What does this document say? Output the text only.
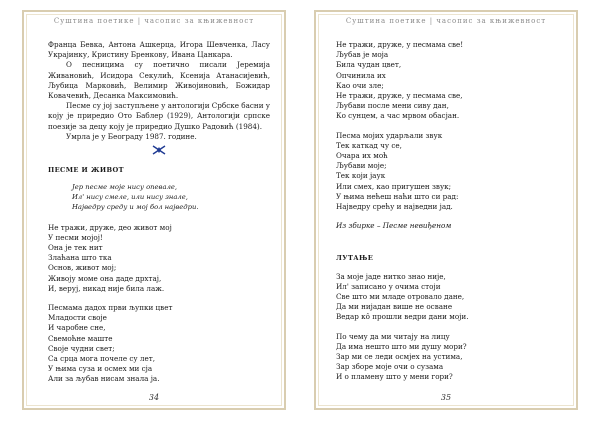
Суштина поетике | часопис за књижевност

Франца Бевка, Антона Ашкерца, Игора Шевченка, Ласу Украјинку, Кристину Бренкову, Ивана Цанкара.

О песницима су поетично писали Јеремија Живановић, Исидора Секулић, Ксенија Атанасијевић, Љубица Марковић, Велимир Живојиновић, Божидар Ковачевић, Десанка Максимовић.

Песме су јој заступљене у антологији Србске басни у коју је приредио Ото Баблер (1929), Антологији српске поезије за децу коју је приредио Душко Радовић (1984).

Умрла је у Београду 1987. године.

ПЕСМЕ И ЖИВОТ

Јер песме моје нису опевале,

Ил' нису смеле, или нису знале,

Најведру среду и мој бол најведри.

Не тражи, друже, део живот мој

У песми мојој!

Она је тек нит

Злаћана што тка

Основ, живот мој;

Живоју моме она даде дрхтај,

И, веруј, никад није била лаж.

Песмама дадох први љупки цвет

Младости своје

И чаробне сне,

Свемоћне маште

Своје чудни свет;

Са срца мога почеле су лет,

У њима суза и осмех ми сја

Али за љубав нисам знала ја.

34
Суштина поетике | часопис за књижевност

Не тражи, друже, у песмама све!

Љубав је моја

Била чудан цвет,

Опчинила их

Као очи зле;

Не тражи, друже, у песмама све,

Љубави после мени сиву дан,

Ко сунцем, а час мрвом обасјан.

Песма мојих ударљали звук

Тек каткад чу се,

Очара их моћ

Љубави моје;

Тек који јаук

Или смех, као пригушен звук;

У њима нећеш наћи што си рад:

Најведру срећу и најведни јад.

Из збирке – Песме невиђеном
ЛУТАЊЕ

За моје јаде нитко знао није,

Ил' записано у очима стоји

Све што ми младе отровало дане,

Да ми нијадан више не осване

Ведар кô прошли ведри дани моји.

По чему да ми читају на лицу

Да има нешто што ми душу мори?

Зар ми се леди осмјех на устима,

Зар зборе моје очи о сузама

И о пламену што у мени гори?

35
